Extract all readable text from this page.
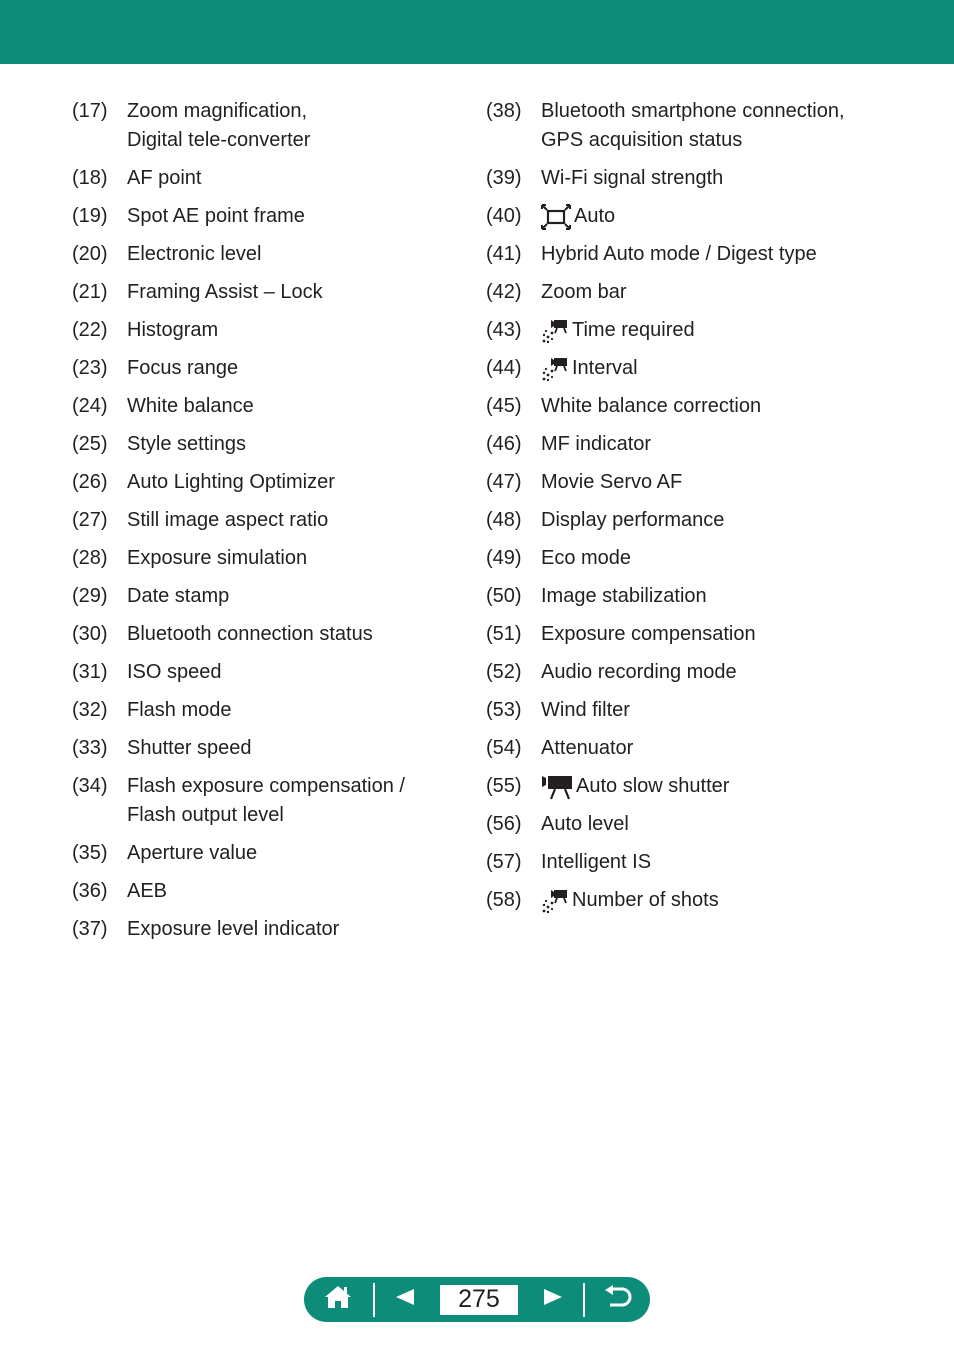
(17) Zoom magnification,
Digital tele-converter
(18) AF point
(19) Spot AE point frame
(20) Electronic level
(21) Framing Assist – Lock
(22) Histogram
(23) Focus range
(24) White balance
(25) Style settings
(26) Auto Lighting Optimizer
(27) Still image aspect ratio
(28) Exposure simulation
(29) Date stamp
(30) Bluetooth connection status
(31) ISO speed
(32) Flash mode
(33) Shutter speed
(34) Flash exposure compensation /
Flash output level
(35) Aperture value
(36) AEB
(37) Exposure level indicator
(38) Bluetooth smartphone connection,
GPS acquisition status
(39) Wi-Fi signal strength
(40)	Auto
(41) Hybrid Auto mode / Digest type
(42) Zoom bar
(43)	Time required
(44)	Interval
(45) White balance correction
(46) MF indicator
(47) Movie Servo AF
(48) Display performance
(49) Eco mode
(50) Image stabilization
(51) Exposure compensation
(52) Audio recording mode
(53) Wind filter
(54) Attenuator
(55)	Auto slow shutter
(56) Auto level
(57) Intelligent IS
(58)	Number of shots
275
